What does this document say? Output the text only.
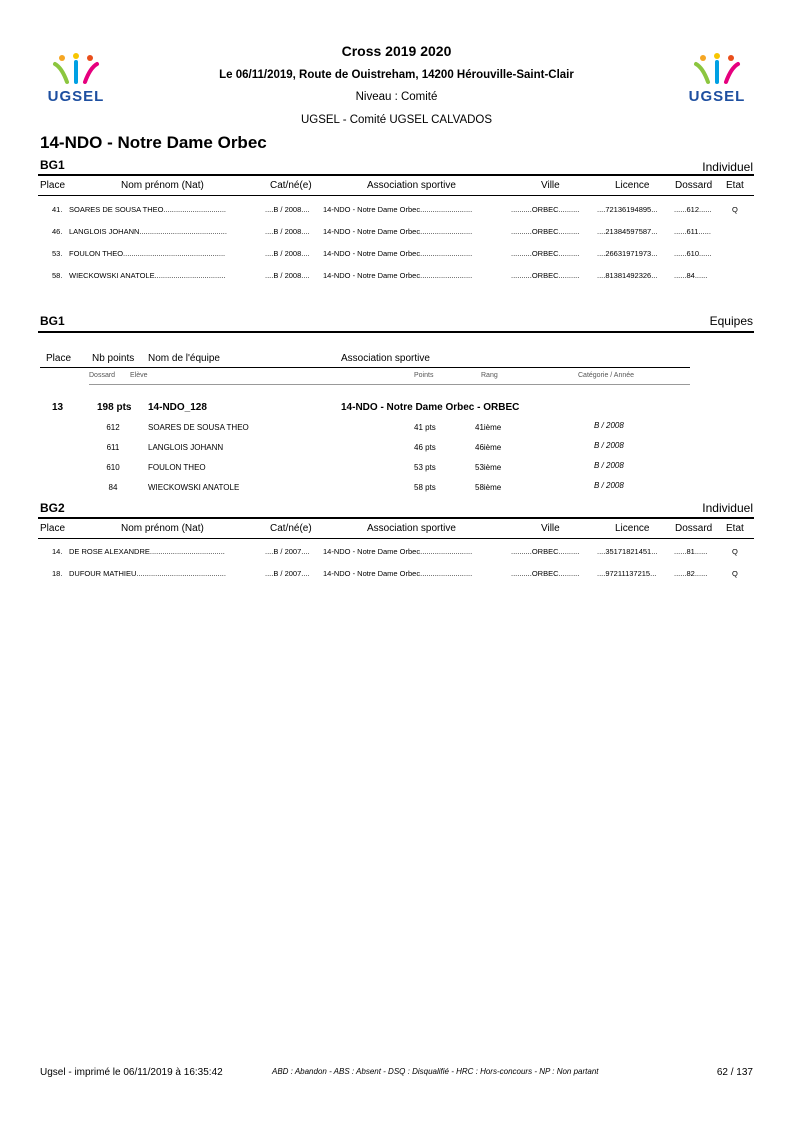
UGSEL	UGSEL
Cross 2019 2020
Le 06/11/2019, Route de Ouistreham, 14200 Hérouville-Saint-Clair
Niveau : Comité
UGSEL - Comité UGSEL CALVADOS
14-NDO - Notre Dame Orbec
BG1	Individuel
Place	Nom prénom (Nat)	Cat/né(e)	Association sportive	Ville	Licence	Dossard Etat
41. SOARES DE SOUSA THEO..............................	....B / 2008.... 14-NDO - Notre Dame Orbec.........................	..........ORBEC.......... ....72136194895... ......612......	Q
46. LANGLOIS JOHANN..........................................	....B / 2008.... 14-NDO - Notre Dame Orbec.........................	..........ORBEC.......... ....21384597587... ......611......
53. FOULON THEO.................................................	....B / 2008.... 14-NDO - Notre Dame Orbec.........................	..........ORBEC.......... ....26631971973... ......610......
58. WIECKOWSKI ANATOLE..................................	....B / 2008.... 14-NDO - Notre Dame Orbec.........................	..........ORBEC.......... ....81381492326... ......84......
BG1	Equipes
Place Nb points Nom de l'équipe	Association sportive
Dossard Elève	Points	Rang	Catégorie / Année
13	198 pts 14-NDO_128	14-NDO - Notre Dame Orbec - ORBEC
612	SOARES DE SOUSA THEO	41 pts	41ième	B / 2008
611	LANGLOIS JOHANN	46 pts	46ième	B / 2008
610	FOULON THEO	53 pts	53ième	B / 2008
84	WIECKOWSKI ANATOLE	58 pts	58ième	B / 2008
BG2	Individuel
Place	Nom prénom (Nat)	Cat/né(e)	Association sportive	Ville	Licence	Dossard Etat
14. DE ROSE ALEXANDRE....................................	....B / 2007.... 14-NDO - Notre Dame Orbec.........................	..........ORBEC.......... ....35171821451... ......81......	Q
18. DUFOUR MATHIEU...........................................	....B / 2007.... 14-NDO - Notre Dame Orbec.........................	..........ORBEC.......... ....97211137215... ......82......	Q
Ugsel - imprimé le 06/11/2019 à 16:35:42	ABD : Abandon - ABS : Absent - DSQ : Disqualifié - HRC : Hors-concours - NP : Non partant	62 / 137
